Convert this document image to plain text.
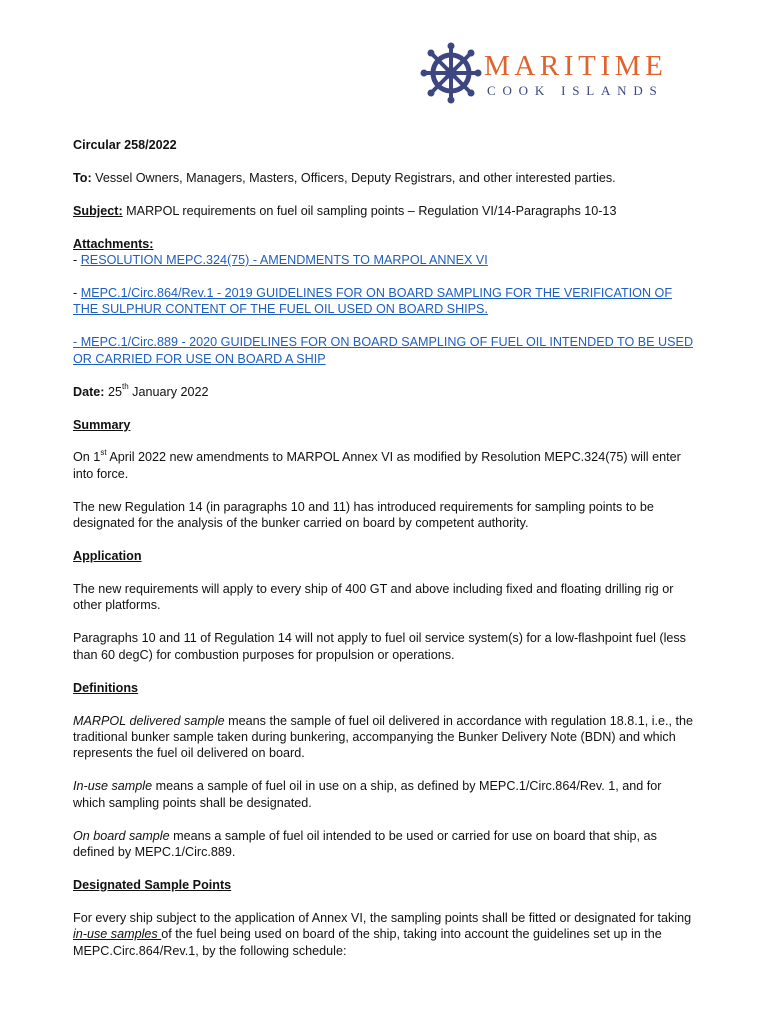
MARITIME
COOK ISLANDS

Circular 258/2022

To: Vessel Owners, Managers, Masters, Officers, Deputy Registrars, and other interested parties.

Subject: MARPOL requirements on fuel oil sampling points – Regulation VI/14-Paragraphs 10-13

Attachments:

- RESOLUTION MEPC.324(75) - AMENDMENTS TO MARPOL ANNEX VI

- MEPC.1/Circ.864/Rev.1 - 2019 GUIDELINES FOR ON BOARD SAMPLING FOR THE VERIFICATION OF THE SULPHUR CONTENT OF THE FUEL OIL USED ON BOARD SHIPS.

- MEPC.1/Circ.889 - 2020 GUIDELINES FOR ON BOARD SAMPLING OF FUEL OIL INTENDED TO BE USED OR CARRIED FOR USE ON BOARD A SHIP

Date: 25th January 2022

Summary

On 1st April 2022 new amendments to MARPOL Annex VI as modified by Resolution MEPC.324(75) will enter into force.

The new Regulation 14 (in paragraphs 10 and 11) has introduced requirements for sampling points to be designated for the analysis of the bunker carried on board by competent authority.

Application

The new requirements will apply to every ship of 400 GT and above including fixed and floating drilling rig or other platforms.

Paragraphs 10 and 11 of Regulation 14 will not apply to fuel oil service system(s) for a low-flashpoint fuel (less than 60 degC) for combustion purposes for propulsion or operations.

Definitions

MARPOL delivered sample means the sample of fuel oil delivered in accordance with regulation 18.8.1, i.e., the traditional bunker sample taken during bunkering, accompanying the Bunker Delivery Note (BDN) and which represents the fuel oil delivered on board.

In-use sample means a sample of fuel oil in use on a ship, as defined by MEPC.1/Circ.864/Rev. 1, and for which sampling points shall be designated.

On board sample means a sample of fuel oil intended to be used or carried for use on board that ship, as defined by MEPC.1/Circ.889.

Designated Sample Points

For every ship subject to the application of Annex VI, the sampling points shall be fitted or designated for taking in-use samples of the fuel being used on board of the ship, taking into account the guidelines set up in the MEPC.Circ.864/Rev.1, by the following schedule:
